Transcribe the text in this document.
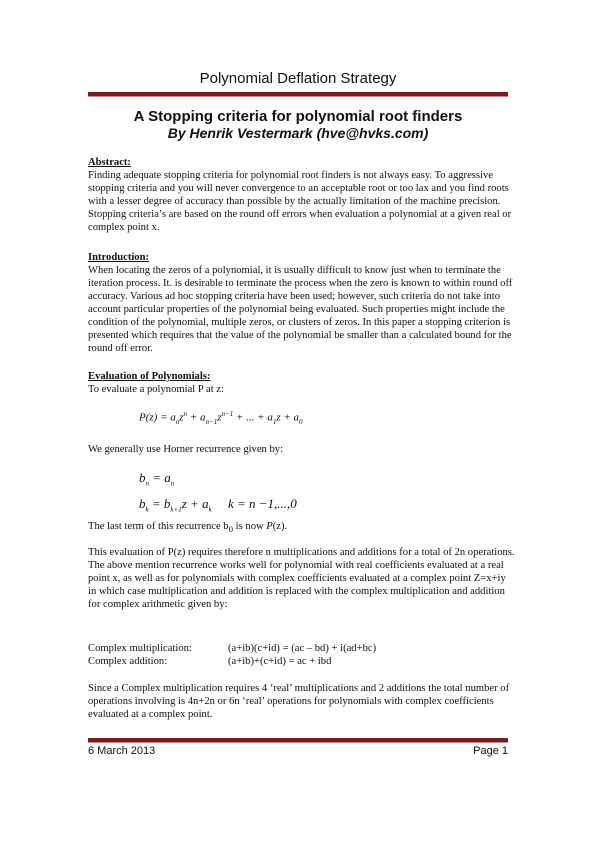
Polynomial Deflation Strategy
A Stopping criteria for polynomial root finders
By Henrik Vestermark (hve@hvks.com)

Abstract:

Finding adequate stopping criteria for polynomial root finders is not always easy. To aggressive stopping criteria and you will never convergence to an acceptable root or too lax and you find roots with a lesser degree of accuracy than possible by the actually limitation of the machine precision. Stopping criteria’s are based on the round off errors when evaluation a polynomial at a given real or complex point x.

Introduction:

When locating the zeros of a polynomial, it is usually difficult to know just when to terminate the iteration process. It. is desirable to terminate the process when the zero is known to within round off accuracy. Various ad hoc stopping criteria have been used; however, such criteria do not take into account particular properties of the polynomial being evaluated. Such properties might include the condition of the polynomial, multiple zeros, or clusters of zeros. In this paper a stopping criterion is presented which requires that the value of the polynomial be smaller than a calculated bound for the round off error.

Evaluation of Polynomials:

To evaluate a polynomial P at z:

$P(z) = a_nz^n + a_{n-1}z^{n-1}$ + ... + $a_1z + a_0$
We generally use Horner recurrence given by:
$b_n = a_n$
$b_k = b_{k+1}z + a_k$     k = n −1,...,0
The last term of this recurrence $b_0$ is now P(z).
This evaluation of P(z) requires therefore n multiplications and additions for a total of 2n operations. The above mention recurrence works well for polynomial with real coefficients evaluated at a real point x, as well as for polynomials with complex coefficients evaluated at a complex point Z=x+iy in which case multiplication and addition is replaced with the complex multiplication and addition for complex arithmetic given by:
Complex multiplication:	(a+ib)(c+id) = (ac – bd) + i(ad+bc)
Complex addition:	(a+ib)+(c+id) = ac + ibd
Since a Complex multiplication requires 4 ‘real’ multiplications and 2 additions the total number of operations involving is 4n+2n or 6n ‘real’ operations for polynomials with complex coefficients evaluated at a complex point.
6 March 2013	Page 1
